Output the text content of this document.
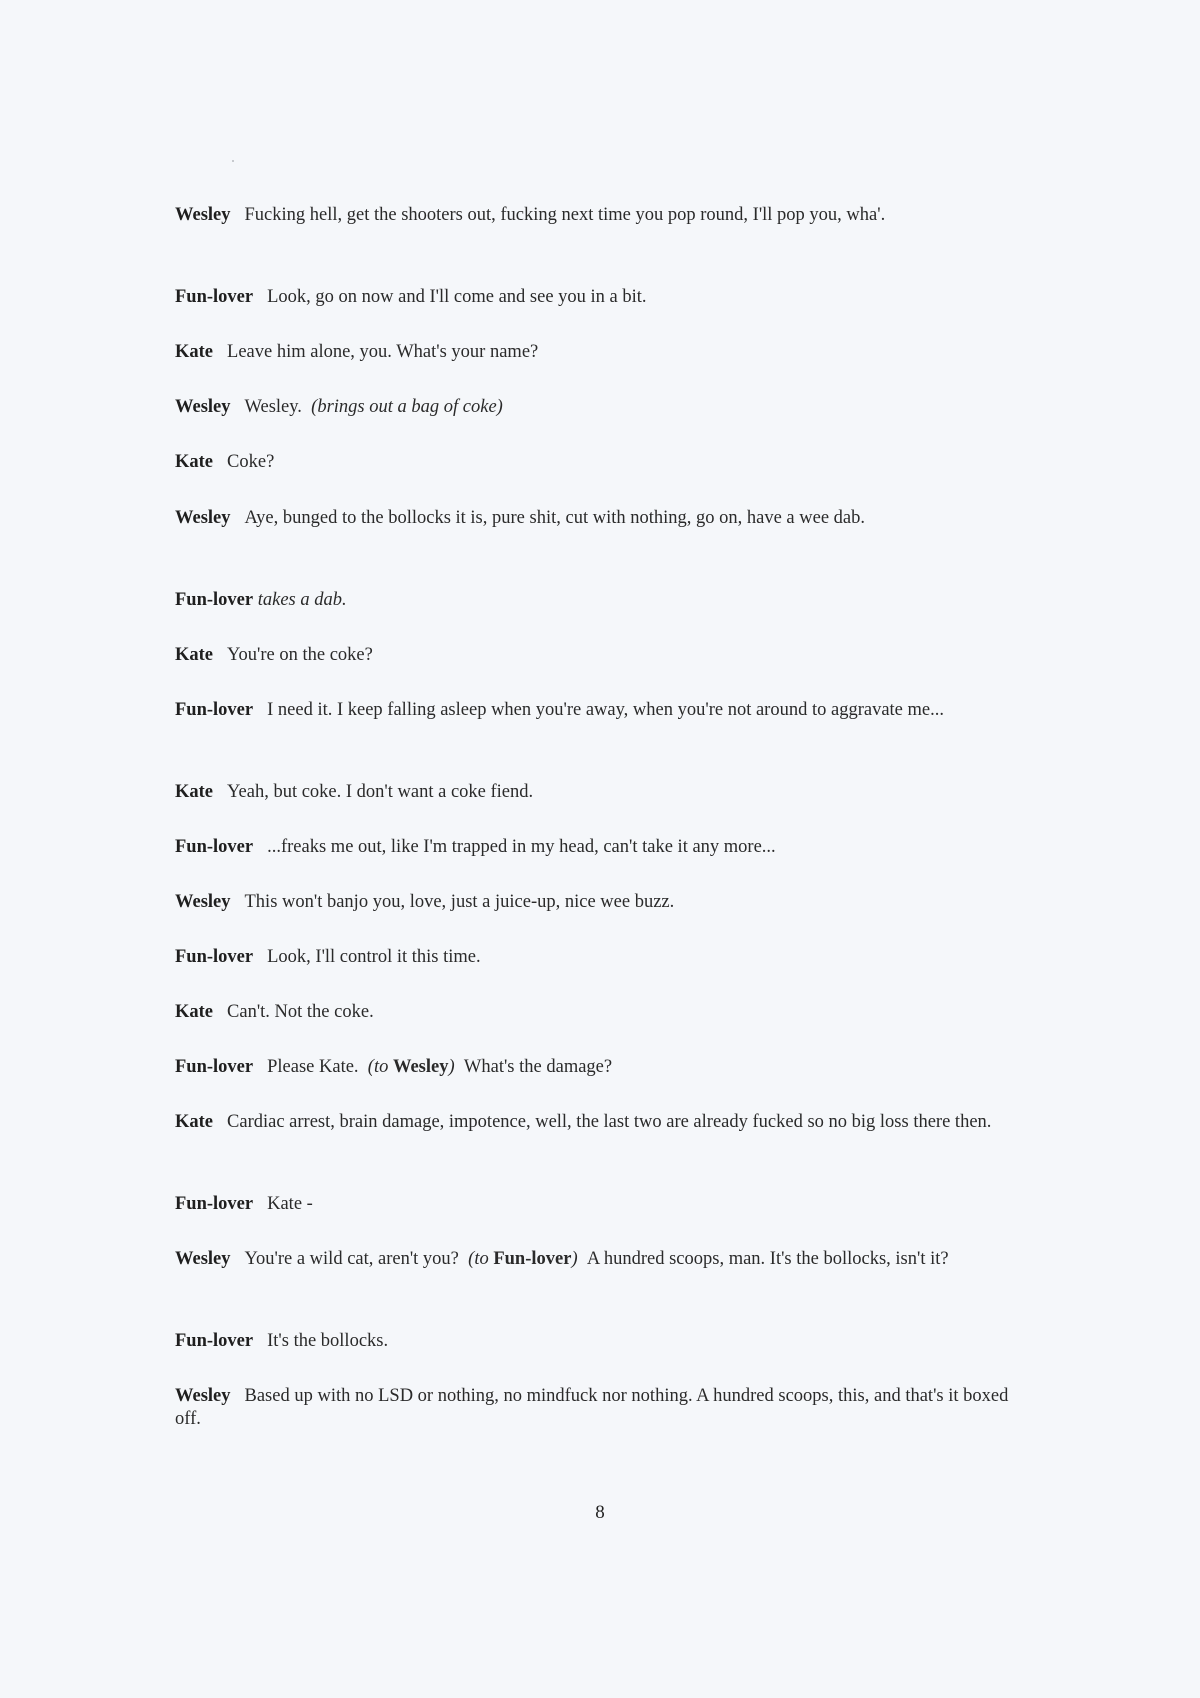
Wesley Fucking hell, get the shooters out, fucking next time you pop round, I'll pop you, wha'.

Fun-lover Look, go on now and I'll come and see you in a bit.

Kate Leave him alone, you. What's your name?

Wesley Wesley. (brings out a bag of coke)

Kate Coke?

Wesley Aye, bunged to the bollocks it is, pure shit, cut with nothing, go on, have a wee dab.

Fun-lover takes a dab.

Kate You're on the coke?

Fun-lover I need it. I keep falling asleep when you're away, when you're not around to aggravate me...

Kate Yeah, but coke. I don't want a coke fiend.

Fun-lover ...freaks me out, like I'm trapped in my head, can't take it any more...

Wesley This won't banjo you, love, just a juice-up, nice wee buzz.

Fun-lover Look, I'll control it this time.

Kate Can't. Not the coke.

Fun-lover Please Kate. (to Wesley) What's the damage?

Kate Cardiac arrest, brain damage, impotence, well, the last two are already fucked so no big loss there then.

Fun-lover Kate -

Wesley You're a wild cat, aren't you? (to Fun-lover) A hundred scoops, man. It's the bollocks, isn't it?

Fun-lover It's the bollocks.

Wesley Based up with no LSD or nothing, no mindfuck nor nothing. A hundred scoops, this, and that's it boxed off.

8
